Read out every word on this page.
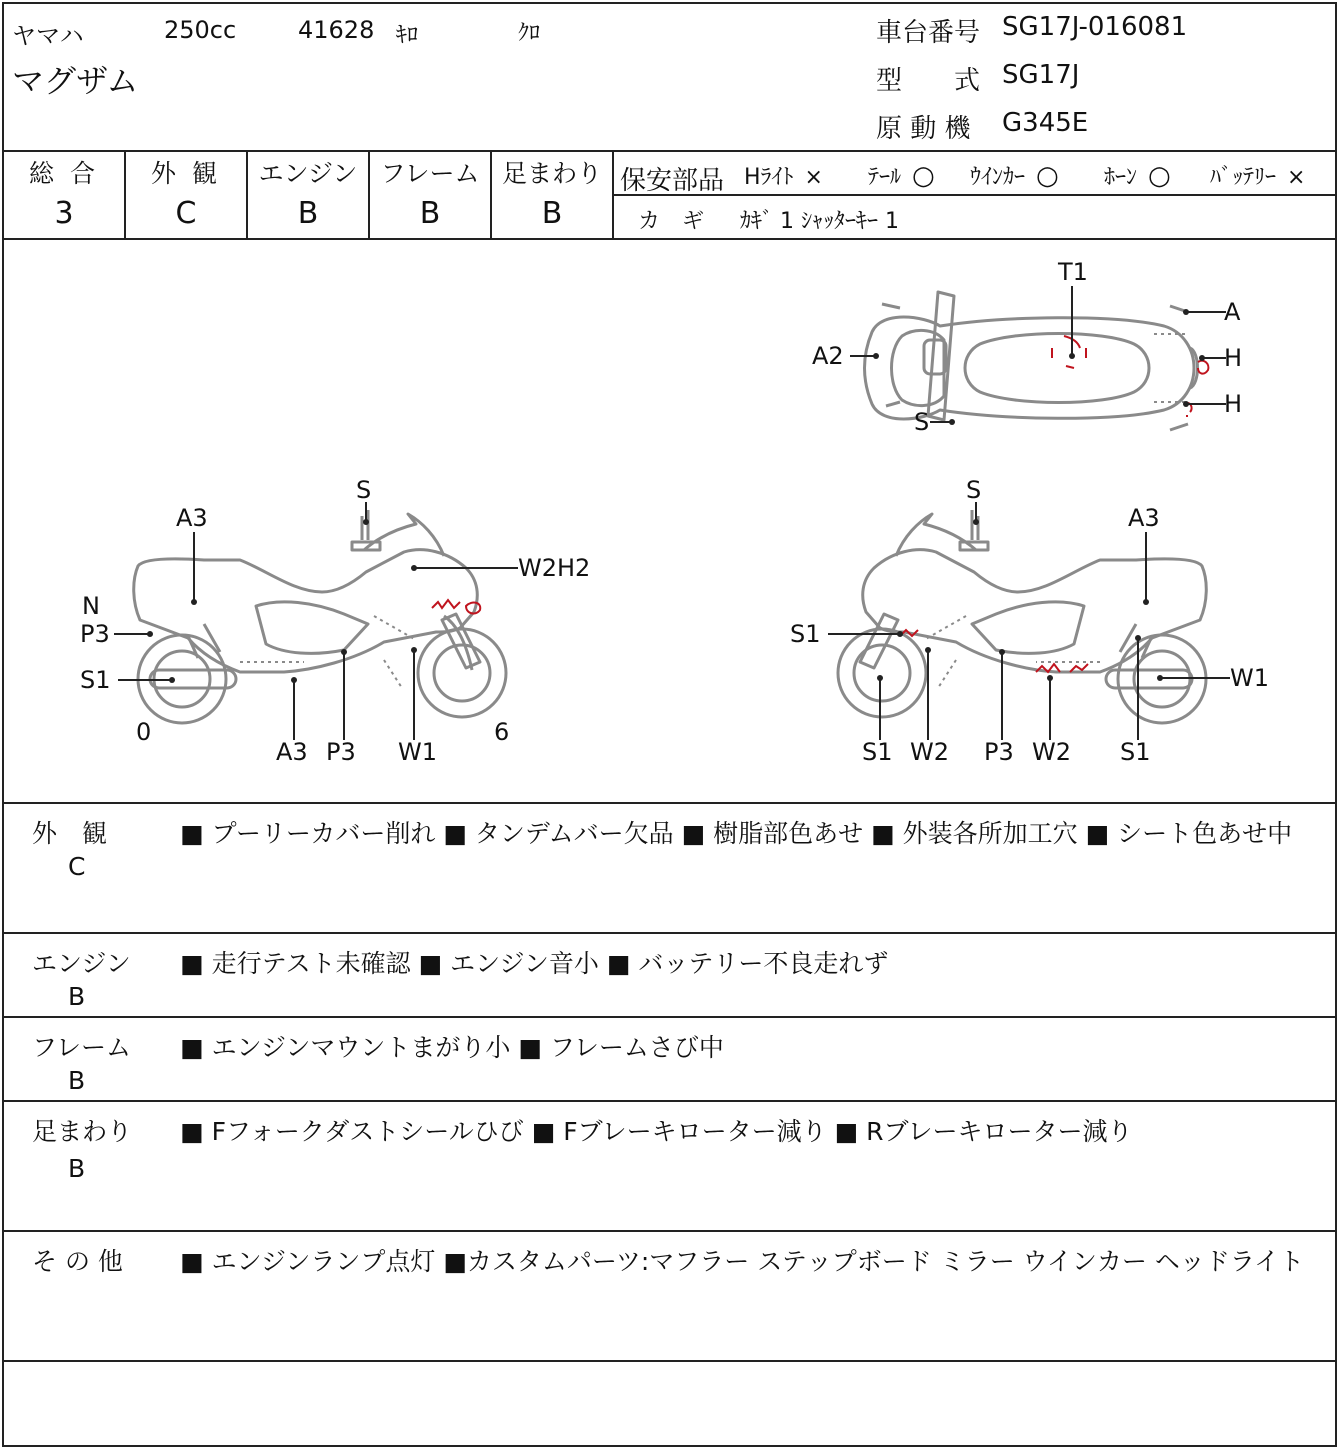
ヤマハ	250cc	41628 ｷﾛ	ｸﾛ
マグザム
車台番号 SG17J-016081
型　　式 SG17J
原 動 機 G345E
総 合
3
外 観
C
エンジン
B
フレーム
B
足まわり
B
保安部品 Hﾗｲﾄ × ﾃｰﾙ ○ ｳｲﾝｶｰ ○ ﾎｰﾝ ○ ﾊﾞｯﾃﾘｰ ×
カ　ギ ｶｷﾞ 1 ｼｬｯﾀｰｷｰ 1
T1
A
A2	H
H
S
S
A3
W2H2
N
P3
S1
0
A3 P3 W1
6
S
A3
S1
W1
S1 W2 P3 W2 S1
外　観
C
■ プーリーカバー削れ ■ タンデムバー欠品 ■ 樹脂部色あせ ■ 外装各所加工穴 ■ シート色あせ中
エンジン
B
■ 走行テスト未確認 ■ エンジン音小 ■ バッテリー不良走れず
フレーム
B
■ エンジンマウントまがり小 ■ フレームさび中
足まわり
B
■ Fフォークダストシールひび ■ Fブレーキローター減り ■ Rブレーキローター減り
そ の 他 ■ エンジンランプ点灯 ■カスタムパーツ:マフラー ステップボード ミラー ウインカー ヘッドライト
